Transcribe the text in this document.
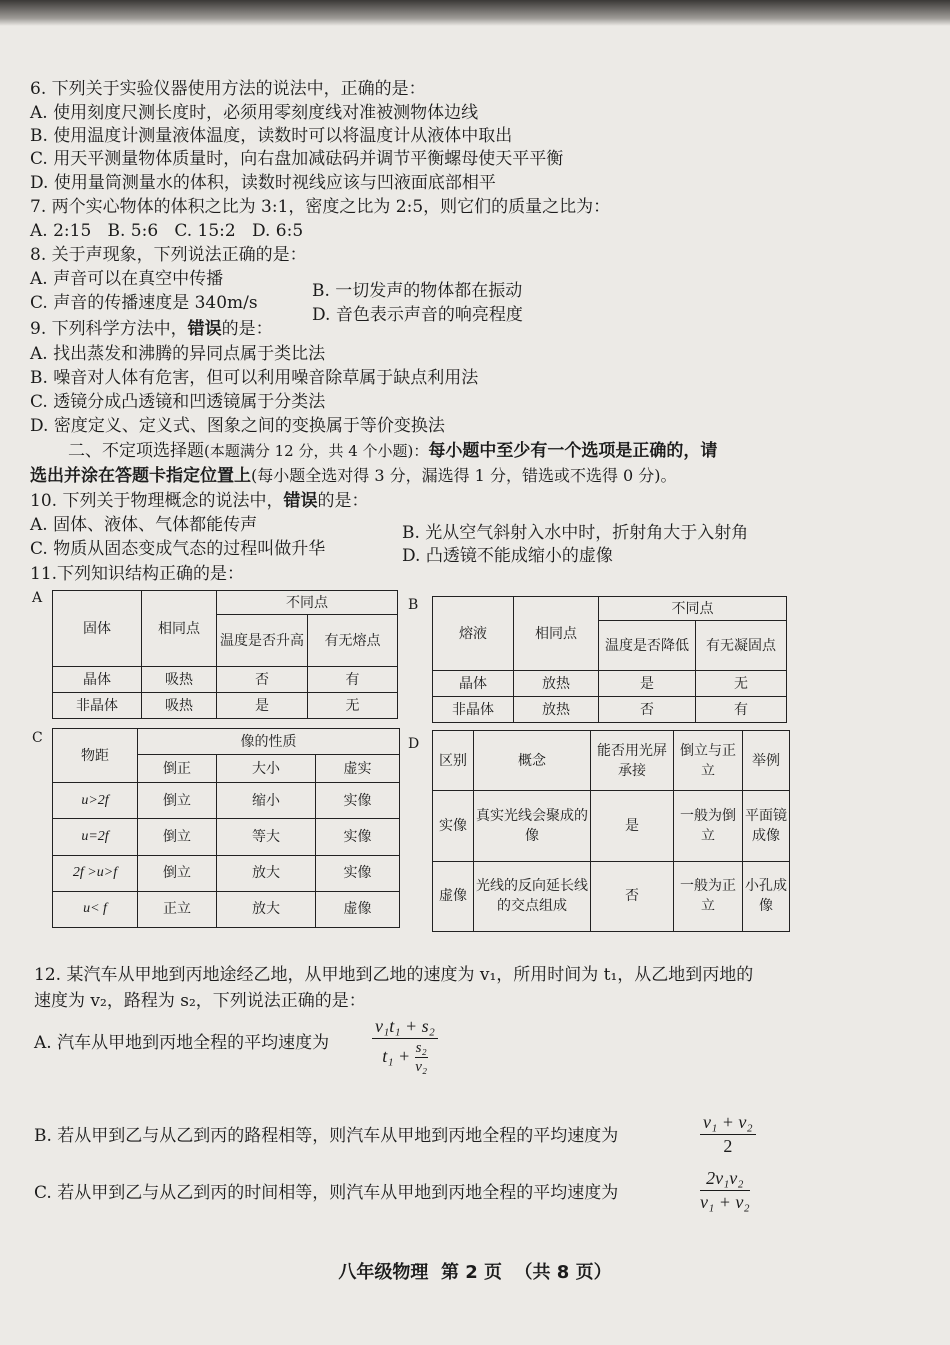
6. 下列关于实验仪器使用方法的说法中，正确的是：
A. 使用刻度尺测长度时，必须用零刻度线对准被测物体边线
B. 使用温度计测量液体温度，读数时可以将温度计从液体中取出
C. 用天平测量物体质量时，向右盘加减砝码并调节平衡螺母使天平平衡
D. 使用量筒测量水的体积，读数时视线应该与凹液面底部相平
7. 两个实心物体的体积之比为 3:1，密度之比为 2:5，则它们的质量之比为：
A. 2:15   B. 5:6   C. 15:2   D. 6:5
8. 关于声现象，下列说法正确的是：
A. 声音可以在真空中传播
B. 一切发声的物体都在振动
C. 声音的传播速度是 340m/s
D. 音色表示声音的响亮程度
9. 下列科学方法中，错误的是：
A. 找出蒸发和沸腾的异同点属于类比法
B. 噪音对人体有危害，但可以利用噪音除草属于缺点利用法
C. 透镜分成凸透镜和凹透镜属于分类法
D. 密度定义、定义式、图象之间的变换属于等价变换法
二、不定项选择题(本题满分 12 分，共 4 个小题)：每小题中至少有一个选项是正确的，请
选出并涂在答题卡指定位置上(每小题全选对得 3 分，漏选得 1 分，错选或不选得 0 分)。
10. 下列关于物理概念的说法中，错误的是：
A. 固体、液体、气体都能传声	B. 光从空气斜射入水中时，折射角大于入射角
C. 物质从固态变成气态的过程叫做升华	D. 凸透镜不能成缩小的虚像
11.下列知识结构正确的是：
A
固体	相同点	不同点	
		温度是否升高	有无熔点
晶体	吸热	否	有
非晶体	吸热	是	无
B
熔液	相同点	不同点	
		温度是否降低	有无凝固点
晶体	放热	是	无
非晶体	放热	否	有
C
物距	像的性质		
	倒正	大小	虚实
u>2f	倒立	缩小	实像
u=2f	倒立	等大	实像
2f >u>f	倒立	放大	实像
u< f	正立	放大	虚像
D
区别	概念	能否用光屏承接	倒立与正立	举例
实像	真实光线会聚成的像	是	一般为倒立	平面镜成像
虚像	光线的反向延长线的交点组成	否	一般为正立	小孔成像
12. 某汽车从甲地到丙地途经乙地，从甲地到乙地的速度为 v₁，所用时间为 t₁，从乙地到丙地的
速度为 v₂，路程为 s₂，下列说法正确的是：
A. 汽车从甲地到丙地全程的平均速度为 $\frac{\text{v₁t₁ + s₂}}{t_1 + \frac{\text{s₂}}{\text{v₂}}}$
B. 若从甲到乙与从乙到丙的路程相等，则汽车从甲地到丙地全程的平均速度为	$\frac{\text{v₁ + v₂}}{2}$
C. 若从甲到乙与从乙到丙的时间相等，则汽车从甲地到丙地全程的平均速度为	$\frac{\text{2v₁v₂}}{\text{v₁ + v₂}}$
八年级物理  第 2 页  （共 8 页）
